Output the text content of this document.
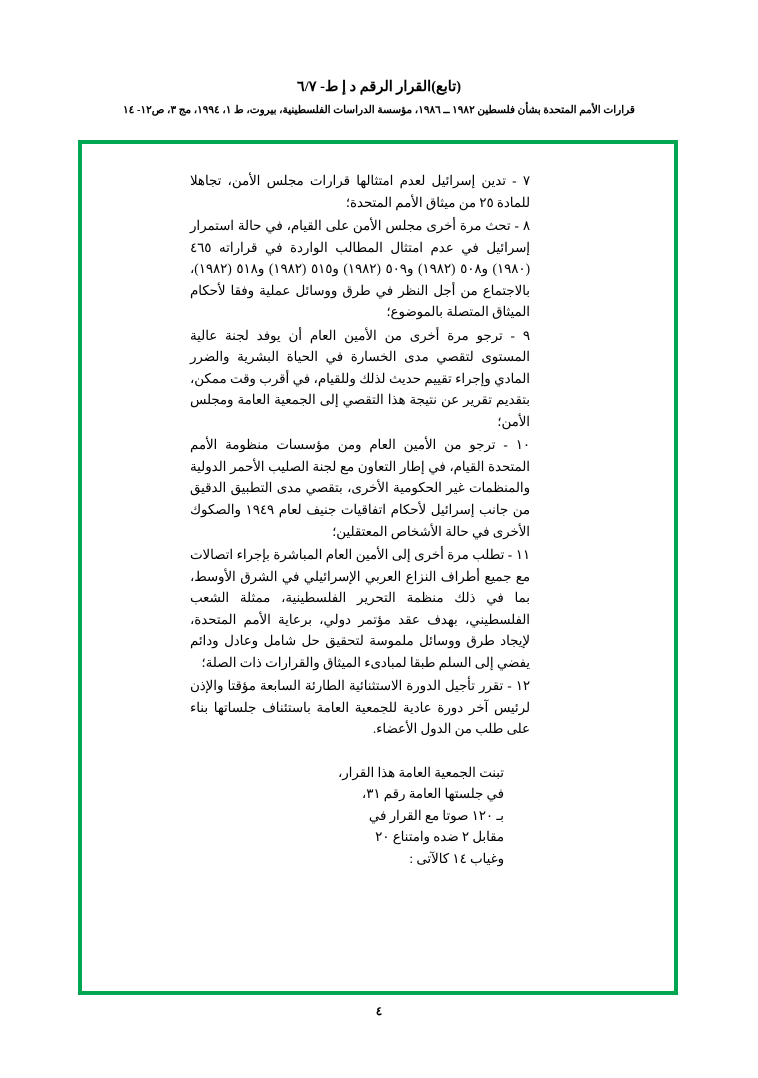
(تابع)القرار الرقم د إ ط- ٦/٧
قرارات الأمم المتحدة بشأن فلسطين ١٩٨٢ ــ ١٩٨٦، مؤسسة الدراسات الفلسطينية، بيروت، ط ١، ١٩٩٤، مج ٣، ص١٢- ١٤

٧ - تدين إسرائيل لعدم امتثالها قرارات مجلس الأمن، تجاهلا للمادة ٢٥ من ميثاق الأمم المتحدة؛

٨ - تحث مرة أخرى مجلس الأمن على القيام، في حالة استمرار إسرائيل في عدم امتثال المطالب الواردة في قراراته ٤٦٥ (١٩٨٠) و٥٠٨ (١٩٨٢) و٥٠٩ (١٩٨٢) و٥١٥ (١٩٨٢) و٥١٨ (١٩٨٢)، بالاجتماع من أجل النظر في طرق ووسائل عملية وفقا لأحكام الميثاق المتصلة بالموضوع؛

٩ - ترجو مرة أخرى من الأمين العام أن يوفد لجنة عالية المستوى لتقصي مدى الخسارة في الحياة البشرية والضرر المادي وإجراء تقييم حديث لذلك وللقيام، في أقرب وقت ممكن، بتقديم تقرير عن نتيجة هذا التقصي إلى الجمعية العامة ومجلس الأمن؛

١٠ - ترجو من الأمين العام ومن مؤسسات منظومة الأمم المتحدة القيام، في إطار التعاون مع لجنة الصليب الأحمر الدولية والمنظمات غير الحكومية الأخرى، بتقصي مدى التطبيق الدقيق من جانب إسرائيل لأحكام اتفاقيات جنيف لعام ١٩٤٩ والصكوك الأخرى في حالة الأشخاص المعتقلين؛

١١ - تطلب مرة أخرى إلى الأمين العام المباشرة بإجراء اتصالات مع جميع أطراف النزاع العربي الإسرائيلي في الشرق الأوسط، بما في ذلك منظمة التحرير الفلسطينية، ممثلة الشعب الفلسطيني، بهدف عقد مؤتمر دولي، برعاية الأمم المتحدة، لإيجاد طرق ووسائل ملموسة لتحقيق حل شامل وعادل ودائم يفضي إلى السلم طبقا لمبادىء الميثاق والقرارات ذات الصلة؛

١٢ - تقرر تأجيل الدورة الاستثنائية الطارئة السابعة مؤقتا والإذن لرئيس آخر دورة عادية للجمعية العامة باستئناف جلساتها بناء على طلب من الدول الأعضاء.

تبنت الجمعية العامة هذا القرار،

في جلستها العامة رقم ٣١،

بـ ١٢٠ صوتا مع القرار في

مقابل ٢ ضده وامتناع ٢٠

وغياب ١٤ كالآتى :

٤
